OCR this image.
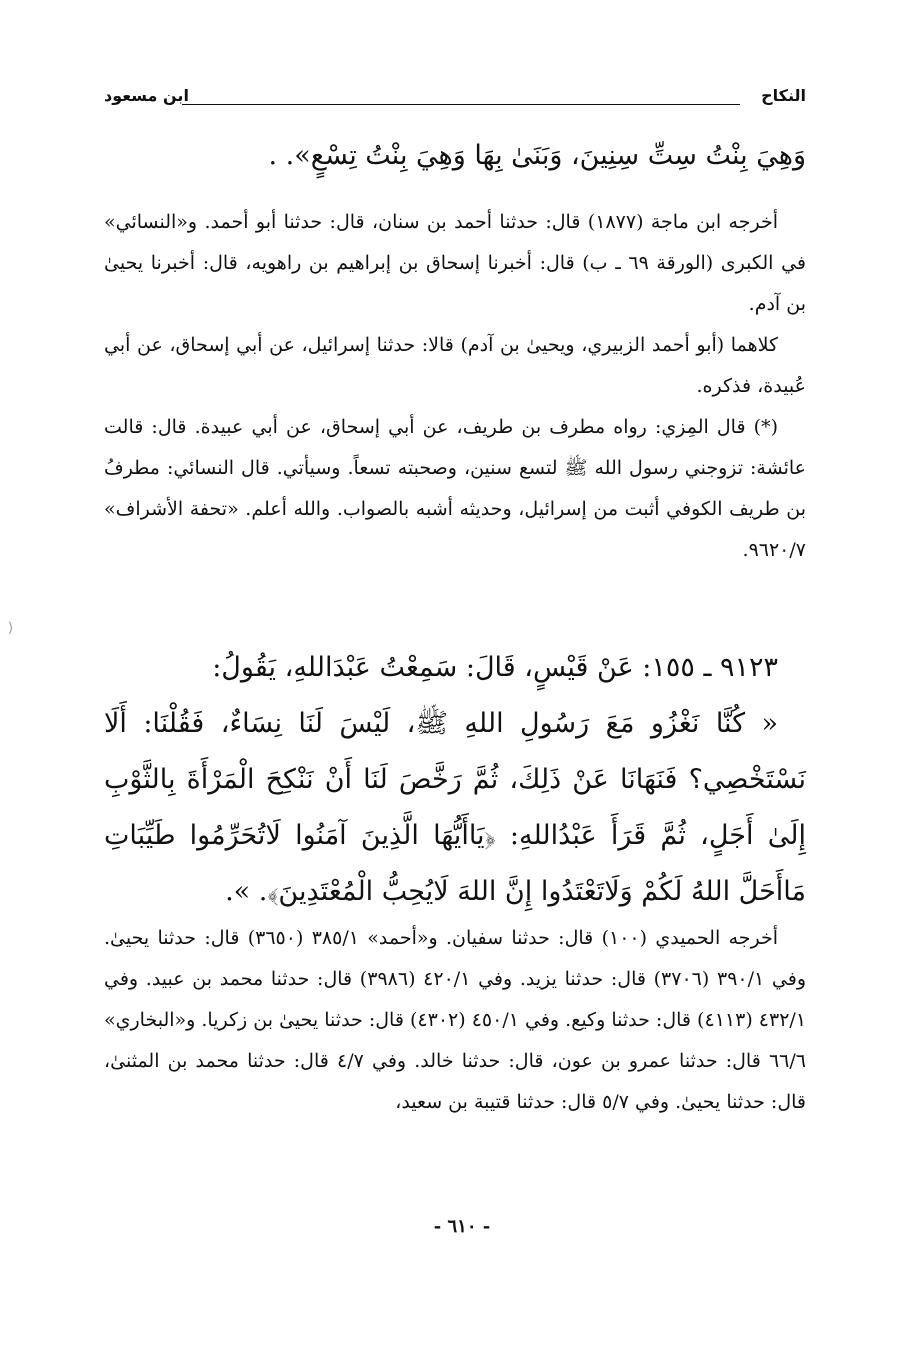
النكاح
ابن مسعود

وَهِيَ بِنْتُ سِتِّ سِنِينَ، وَبَنَىٰ بِهَا وَهِيَ بِنْتُ تِسْعٍ». .

أخرجه ابن ماجة (١٨٧٧) قال: حدثنا أحمد بن سنان، قال: حدثنا أبو أحمد. و«النسائي» في الكبرى (الورقة ٦٩ ـ ب) قال: أخبرنا إسحاق بن إبراهيم بن راهويه، قال: أخبرنا يحيىٰ بن آدم.

كلاهما (أبو أحمد الزبيري، ويحيىٰ بن آدم) قالا: حدثنا إسرائيل، عن أبي إسحاق، عن أبي عُبيدة، فذكره.

(*) قال المِزي: رواه مطرف بن طريف، عن أبي إسحاق، عن أبي عبيدة. قال: قالت عائشة: تزوجني رسول الله ﷺ لتسع سنين، وصحبته تسعاً. وسيأتي. قال النسائي: مطرفُ بن طريف الكوفي أثبت من إسرائيل، وحديثه أشبه بالصواب. والله أعلم. «تحفة الأشراف» ٩٦٢٠/٧.

٩١٢٣ ـ ١٥٥: عَنْ قَيْسٍ، قَالَ: سَمِعْتُ عَبْدَاللهِ، يَقُولُ:

« كُنَّا نَغْزُو مَعَ رَسُولِ اللهِ ﷺ، لَيْسَ لَنَا نِسَاءٌ، فَقُلْنَا: أَلَا نَسْتَخْصِي؟ فَنَهَانَا عَنْ ذَلِكَ، ثُمَّ رَخَّصَ لَنَا أَنْ نَنْكِحَ الْمَرْأَةَ بِالثَّوْبِ إِلَىٰ أَجَلٍ، ثُمَّ قَرَأَ عَبْدُاللهِ: ﴿يَاأَيُّهَا الَّذِينَ آمَنُوا لَاتُحَرِّمُوا طَيِّبَاتِ مَاأَحَلَّ اللهُ لَكُمْ وَلَاتَعْتَدُوا إِنَّ اللهَ لَايُحِبُّ الْمُعْتَدِينَ﴾. ».

أخرجه الحميدي (١٠٠) قال: حدثنا سفيان. و«أحمد» ٣٨٥/١ (٣٦٥٠) قال: حدثنا يحيىٰ. وفي ٣٩٠/١ (٣٧٠٦) قال: حدثنا يزيد. وفي ٤٢٠/١ (٣٩٨٦) قال: حدثنا محمد بن عبيد. وفي ٤٣٢/١ (٤١١٣) قال: حدثنا وكيع. وفي ٤٥٠/١ (٤٣٠٢) قال: حدثنا يحيىٰ بن زكريا. و«البخاري» ٦٦/٦ قال: حدثنا عمرو بن عون، قال: حدثنا خالد. وفي ٤/٧ قال: حدثنا محمد بن المثنىٰ، قال: حدثنا يحيىٰ. وفي ٥/٧ قال: حدثنا قتيبة بن سعيد،

- ٦١٠ -
⟩
